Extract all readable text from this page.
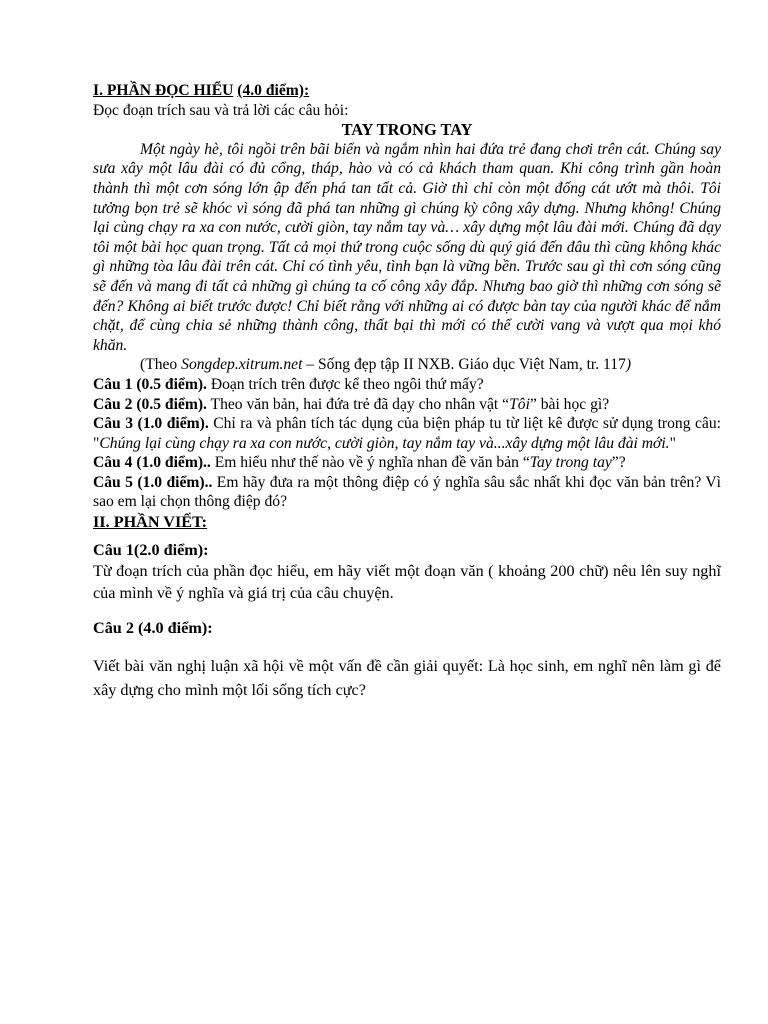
I. PHẦN ĐỌC HIỂU (4.0 điểm):
Đọc đoạn trích sau và trả lời các câu hỏi:

TAY TRONG TAY

Một ngày hè, tôi ngồi trên bãi biển và ngắm nhìn hai đứa trẻ đang chơi trên cát. Chúng say sưa xây một lâu đài có đủ cổng, tháp, hào và có cả khách tham quan. Khi công trình gần hoàn thành thì một cơn sóng lớn ập đến phá tan tất cả. Giờ thì chỉ còn một đống cát ướt mà thôi. Tôi tưởng bọn trẻ sẽ khóc vì sóng đã phá tan những gì chúng kỳ công xây dựng. Nhưng không! Chúng lại cùng chạy ra xa con nước, cười giòn, tay nắm tay và… xây dựng một lâu đài mới. Chúng đã dạy tôi một bài học quan trọng. Tất cả mọi thứ trong cuộc sống dù quý giá đến đâu thì cũng không khác gì những tòa lâu đài trên cát. Chỉ có tình yêu, tình bạn là vững bền. Trước sau gì thì cơn sóng cũng sẽ đến và mang đi tất cả những gì chúng ta cố công xây đắp. Nhưng bao giờ thì những cơn sóng sẽ đến? Không ai biết trước được! Chỉ biết rằng với những ai có được bàn tay của người khác để nắm chặt, để cùng chia sẻ những thành công, thất bại thì mới có thể cười vang và vượt qua mọi khó khăn.

(Theo Songdep.xitrum.net – Sống đẹp tập II NXB. Giáo dục Việt Nam, tr. 117)

Câu 1 (0.5 điểm). Đoạn trích trên được kể theo ngôi thứ mấy?

Câu 2 (0.5 điểm). Theo văn bản, hai đứa trẻ đã dạy cho nhân vật “Tôi” bài học gì?

Câu 3 (1.0 điểm). Chỉ ra và phân tích tác dụng của biện pháp tu từ liệt kê được sử dụng trong câu: "Chúng lại cùng chạy ra xa con nước, cười giòn, tay nắm tay và...xây dựng một lâu đài mới."

Câu 4 (1.0 điểm).. Em hiểu như thế nào về ý nghĩa nhan đề văn bản “Tay trong tay”?

Câu 5 (1.0 điểm).. Em hãy đưa ra một thông điệp có ý nghĩa sâu sắc nhất khi đọc văn bản trên? Vì sao em lại chọn thông điệp đó?

II. PHẦN VIẾT:
Câu 1(2.0 điểm):

Từ đoạn trích của phần đọc hiểu, em hãy viết một đoạn văn ( khoảng 200 chữ) nêu lên suy nghĩ của mình về ý nghĩa và giá trị của câu chuyện.

Câu 2 (4.0 điểm):

Viết bài văn nghị luận xã hội về một vấn đề cần giải quyết: Là học sinh, em nghĩ nên làm gì để xây dựng cho mình một lối sống tích cực?
